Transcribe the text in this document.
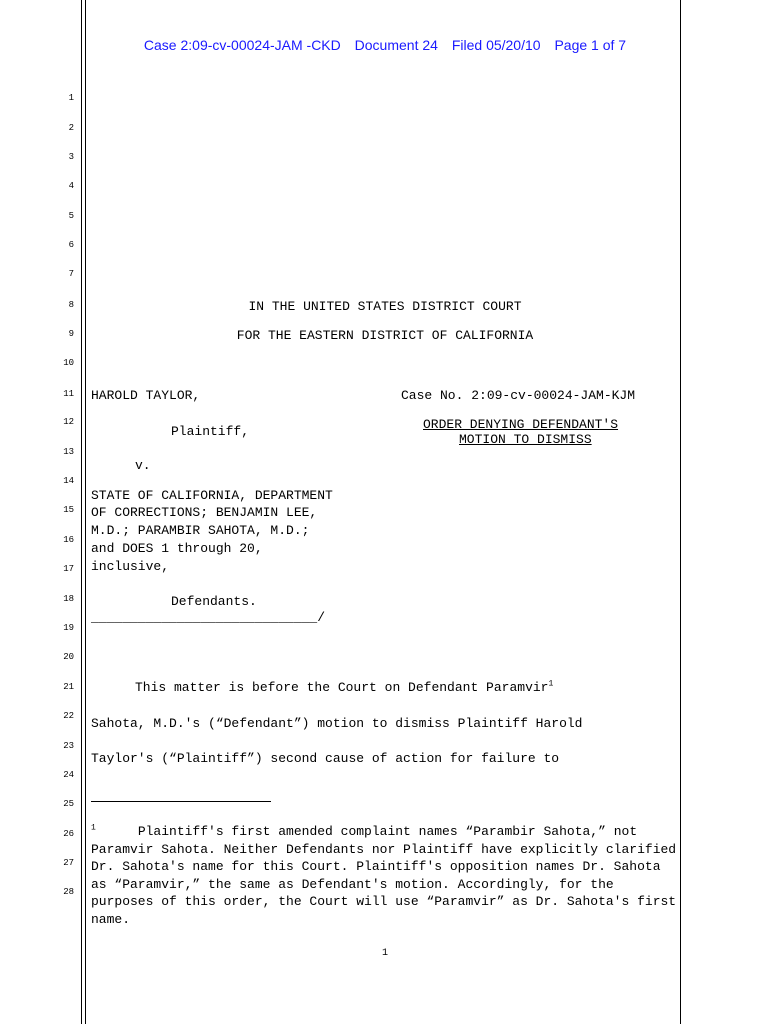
Case 2:09-cv-00024-JAM -CKD Document 24 Filed 05/20/10 Page 1 of 7
1
2
3
4
5
6
7
8
9
10
11
12
13
14
15
16
17
18
19
20
21
22
23
24
25
26
27
28
IN THE UNITED STATES DISTRICT COURT
FOR THE EASTERN DISTRICT OF CALIFORNIA
HAROLD TAYLOR,
Plaintiff,
v.
STATE OF CALIFORNIA, DEPARTMENT
OF CORRECTIONS; BENJAMIN LEE,
M.D.; PARAMBIR SAHOTA, M.D.;
and DOES 1 through 20,
inclusive,
Defendants.
_____________________________/
Case No. 2:09-cv-00024-JAM-KJM
ORDER DENYING DEFENDANT'S
MOTION TO DISMISS
This matter is before the Court on Defendant Paramvir$^1$
Sahota, M.D.'s (“Defendant”) motion to dismiss Plaintiff Harold
Taylor's (“Plaintiff”) second cause of action for failure to
$^1$	Plaintiff's first amended complaint names “Parambir Sahota,” not Paramvir Sahota. Neither Defendants nor Plaintiff have explicitly clarified Dr. Sahota's name for this Court. Plaintiff's opposition names Dr. Sahota as “Paramvir,” the same as Defendant's motion. Accordingly, for the purposes of this order, the Court will use “Paramvir” as Dr. Sahota's first name.
1
